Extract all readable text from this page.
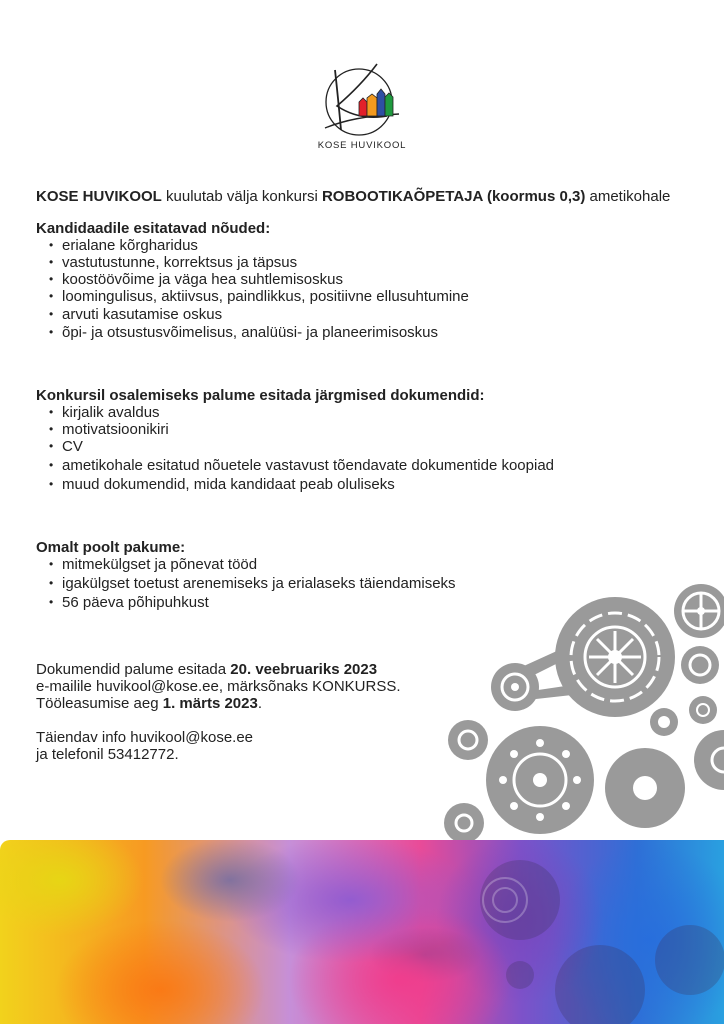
KOSE HUVIKOOL

KOSE HUVIKOOL kuulutab välja konkursi ROBOOTIKAÕPETAJA (koormus 0,3) ametikohale

Kandidaadile esitatavad nõuded:
• erialane kõrgharidus
• vastutustunne, korrektsus ja täpsus
• koostöövõime ja väga hea suhtlemisoskus
• loomingulisus, aktiivsus, paindlikkus, positiivne ellusuhtumine
• arvuti kasutamise oskus
• õpi- ja otsustusvõimelisus, analüüsi- ja planeerimisoskus
Konkursil osalemiseks palume esitada järgmised dokumendid:
• kirjalik avaldus
• motivatsioonikiri
• CV
• ametikohale esitatud nõuetele vastavust tõendavate dokumentide koopiad
• muud dokumendid, mida kandidaat peab oluliseks
Omalt poolt pakume:
• mitmekülgset ja põnevat tööd
• igakülgset toetust arenemiseks ja erialaseks täiendamiseks
• 56 päeva põhipuhkust

Dokumendid palume esitada 20. veebruariks 2023

e-mailile huvikool@kose.ee, märksõnaks KONKURSS.

Tööleasumise aeg 1. märts 2023.

Täiendav info huvikool@kose.ee

ja telefonil 53412772.
